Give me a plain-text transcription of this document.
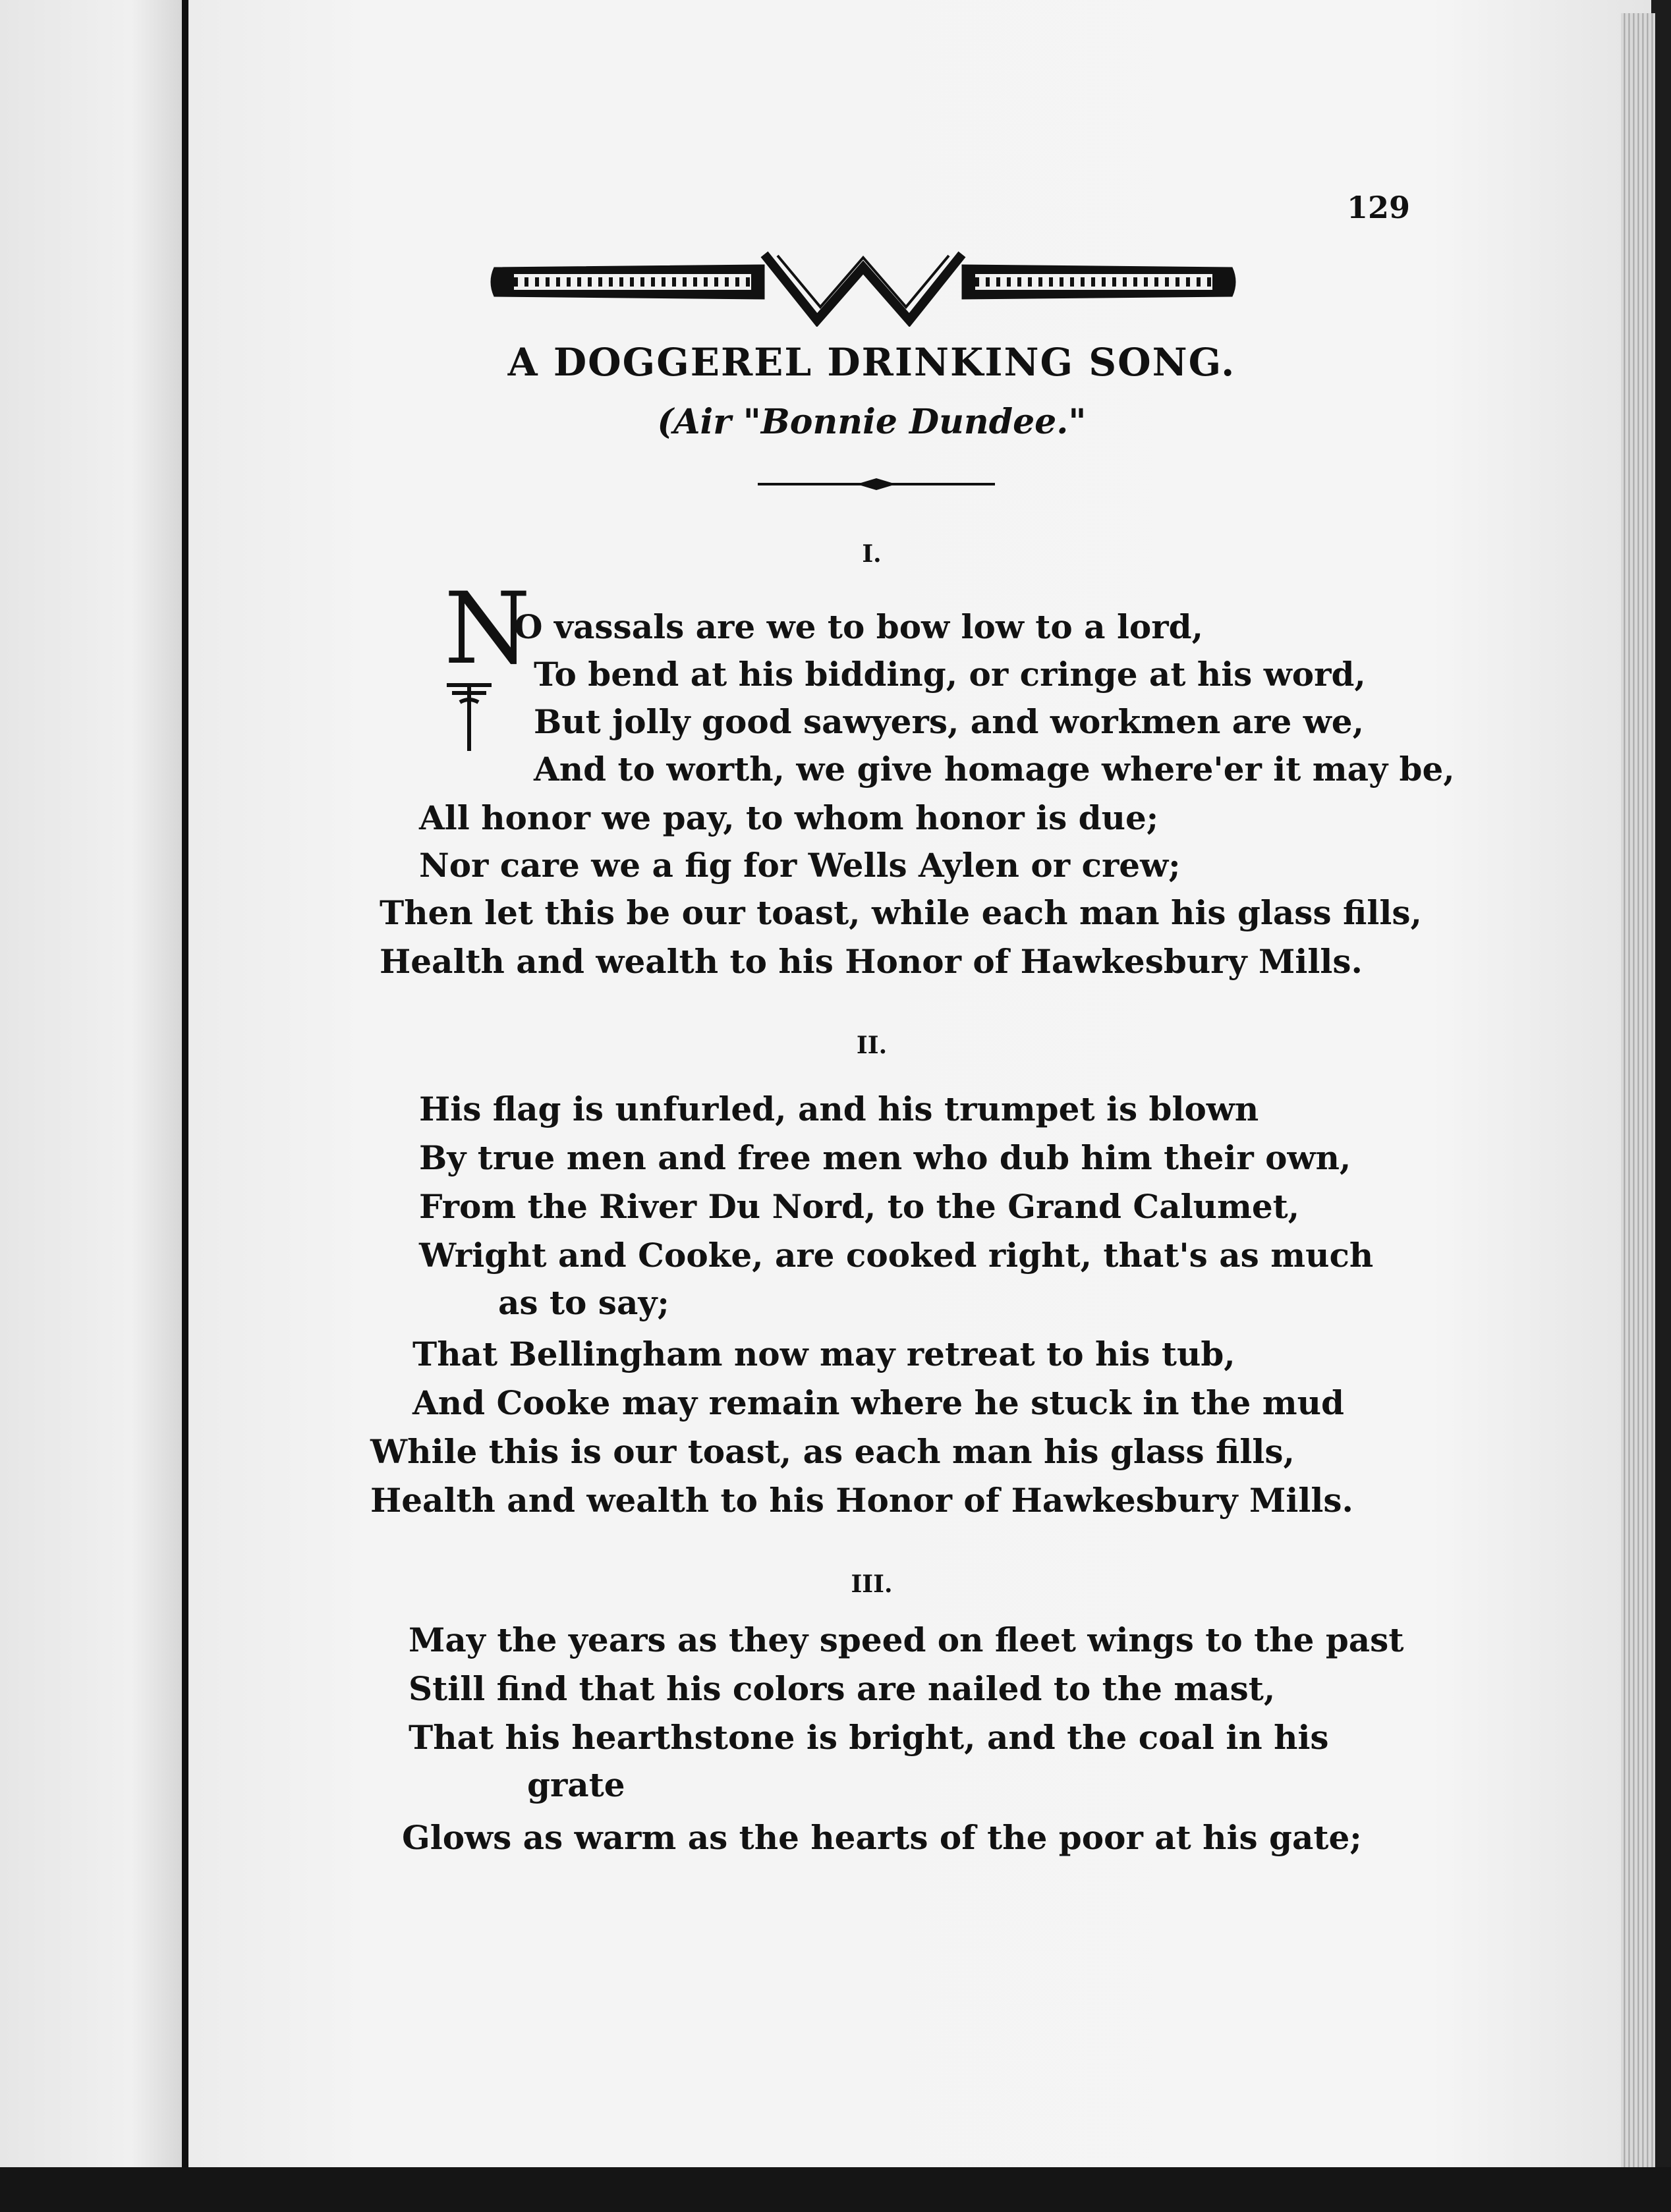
129
A DOGGEREL DRINKING SONG.
(Air "Bonnie Dundee."
I.
N
O vassals are we to bow low to a lord,
To bend at his bidding, or cringe at his word,
But jolly good sawyers, and workmen are we,
And to worth, we give homage where'er it may be,
All honor we pay, to whom honor is due;
Nor care we a fig for Wells Aylen or crew;
Then let this be our toast, while each man his glass fills,
Health and wealth to his Honor of Hawkesbury Mills.
II.
His flag is unfurled, and his trumpet is blown
By true men and free men who dub him their own,
From the River Du Nord, to the Grand Calumet,
Wright and Cooke, are cooked right, that's as much
as to say;
That Bellingham now may retreat to his tub,
And Cooke may remain where he stuck in the mud
While this is our toast, as each man his glass fills,
Health and wealth to his Honor of Hawkesbury Mills.
III.
May the years as they speed on fleet wings to the past
Still find that his colors are nailed to the mast,
That his hearthstone is bright, and the coal in his
grate
Glows as warm as the hearts of the poor at his gate;
